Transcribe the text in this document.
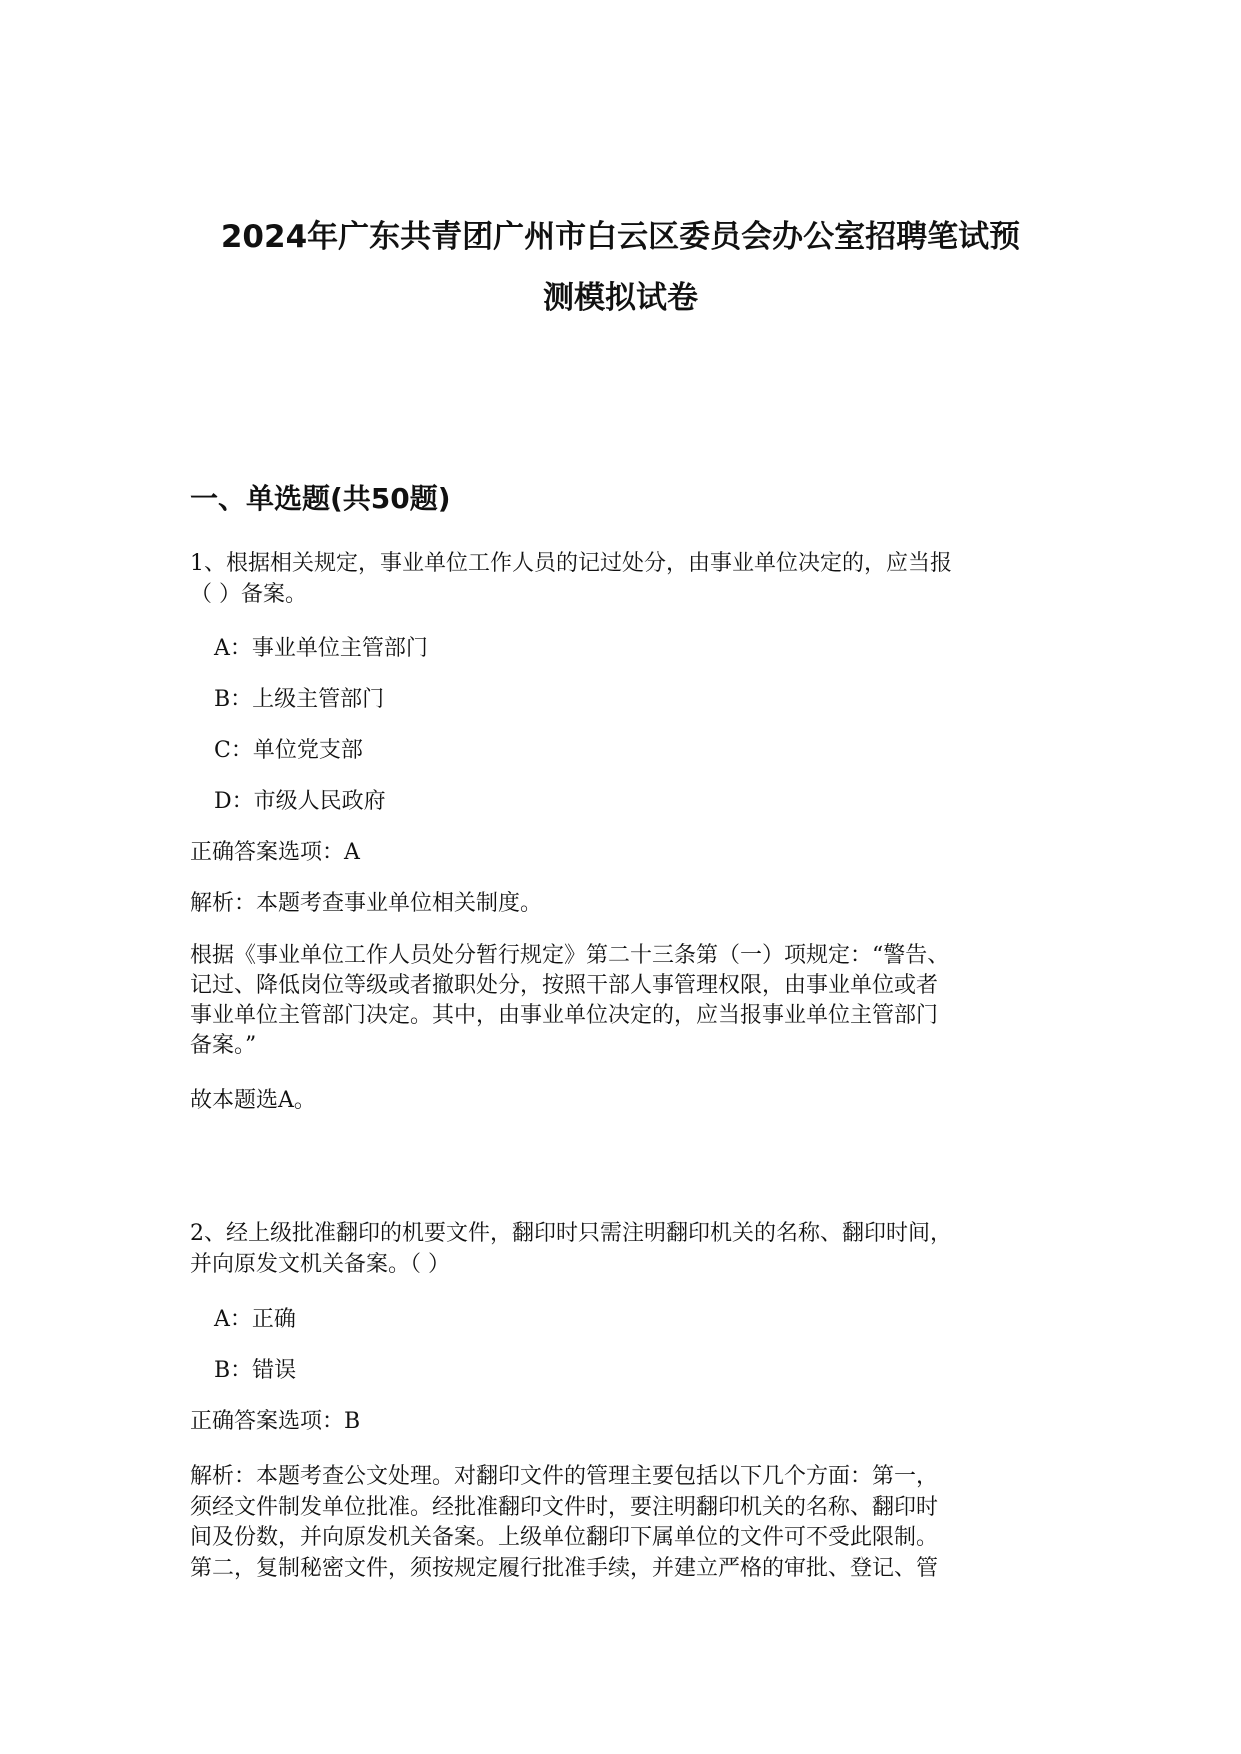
2024年广东共青团广州市白云区委员会办公室招聘笔试预
测模拟试卷
一、单选题(共50题)
1、根据相关规定，事业单位工作人员的记过处分，由事业单位决定的，应当报
（ ）备案。
A：事业单位主管部门
B：上级主管部门
C：单位党支部
D：市级人民政府
正确答案选项：A
解析：本题考查事业单位相关制度。
根据《事业单位工作人员处分暂行规定》第二十三条第（一）项规定：“警告、
记过、降低岗位等级或者撤职处分，按照干部人事管理权限，由事业单位或者
事业单位主管部门决定。其中，由事业单位决定的，应当报事业单位主管部门
备案。”
故本题选A。
2、经上级批准翻印的机要文件，翻印时只需注明翻印机关的名称、翻印时间，
并向原发文机关备案。（ ）
A：正确
B：错误
正确答案选项：B
解析：本题考查公文处理。对翻印文件的管理主要包括以下几个方面：第一，
须经文件制发单位批准。经批准翻印文件时，要注明翻印机关的名称、翻印时
间及份数，并向原发机关备案。上级单位翻印下属单位的文件可不受此限制。
第二，复制秘密文件，须按规定履行批准手续，并建立严格的审批、登记、管
